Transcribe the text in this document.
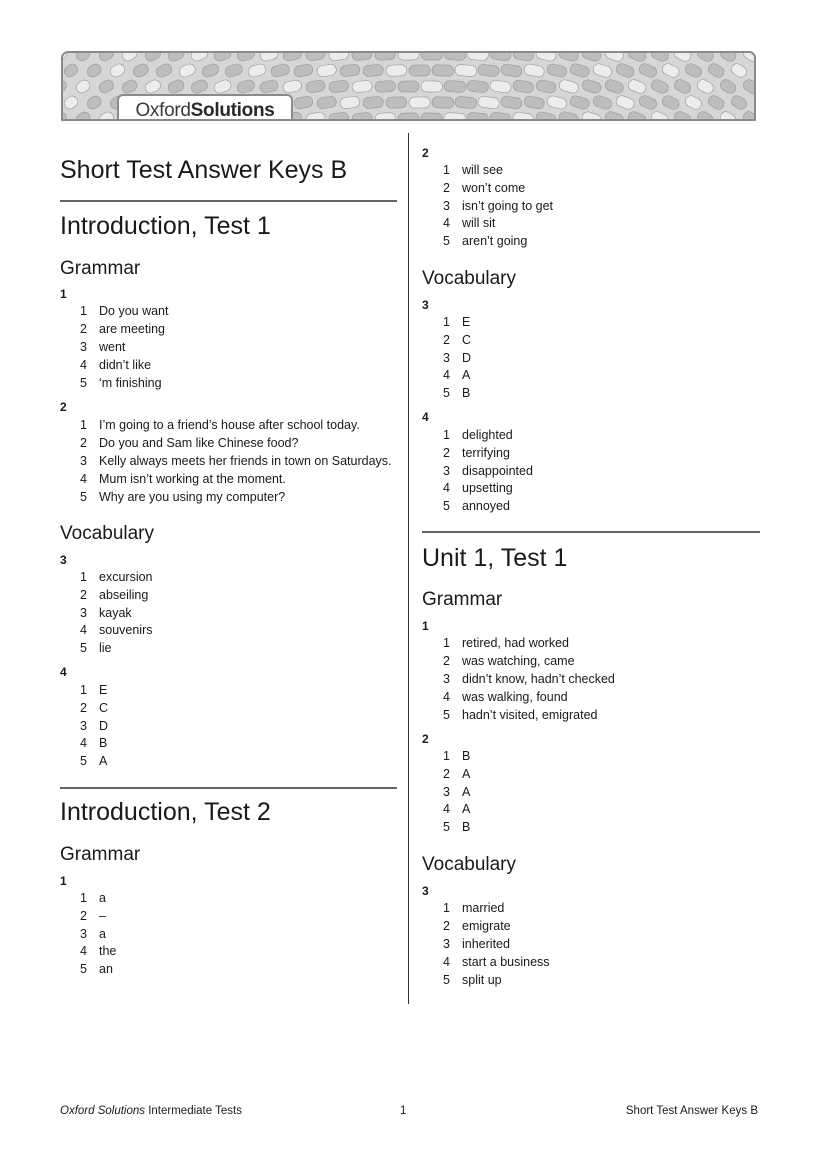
Oxford Solutions
Short Test Answer Keys B
Introduction, Test 1
Grammar
1
2
Vocabulary
3
4
Introduction, Test 2
Grammar
1
2
Vocabulary
3
4
Unit 1, Test 1
Grammar
1
2
Vocabulary
3
Oxford Solutions Intermediate Tests	1	Short Test Answer Keys B
1 Do you want
2 are meeting
3 went
4 didn’t like
5 ‘m finishing
1 I’m going to a friend’s house after school today.
2 Do you and Sam like Chinese food?
3 Kelly always meets her friends in town on Saturdays.
4 Mum isn’t working at the moment.
5 Why are you using my computer?
1 excursion
2 abseiling
3 kayak
4 souvenirs
5 lie
1 E
2 C
3 D
4 B
5 A
1 a
2 –
3 a
4 the
5 an
1 will see
2 won’t come
3 isn’t going to get
4 will sit
5 aren’t going
1 E
2 C
3 D
4 A
5 B
1 delighted
2 terrifying
3 disappointed
4 upsetting
5 annoyed
1 retired, had worked
2 was watching, came
3 didn’t know, hadn’t checked
4 was walking, found
5 hadn’t visited, emigrated
1 B
2 A
3 A
4 A
5 B
1 married
2 emigrate
3 inherited
4 start a business
5 split up
